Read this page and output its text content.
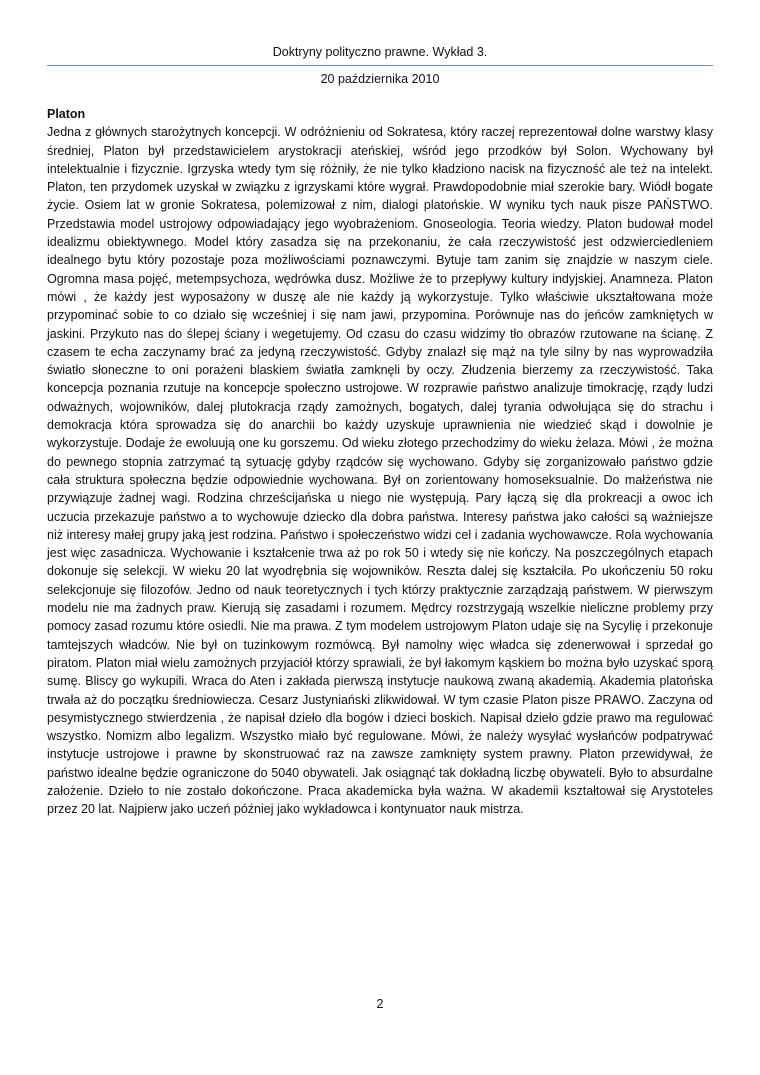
Doktryny polityczno prawne. Wykład 3.
20 października 2010

Platon

Jedna z głównych starożytnych koncepcji. W odróżnieniu od Sokratesa, który raczej reprezentował dolne warstwy klasy średniej, Platon był przedstawicielem arystokracji ateńskiej, wśród jego przodków był Solon. Wychowany był intelektualnie i fizycznie. Igrzyska wtedy tym się różniły, że nie tylko kładziono nacisk na fizyczność ale też na intelekt. Platon, ten przydomek uzyskał w związku z igrzyskami które wygrał. Prawdopodobnie miał szerokie bary. Wiódł bogate życie. Osiem lat w gronie Sokratesa, polemizował z nim, dialogi platońskie. W wyniku tych nauk pisze PAŃSTWO. Przedstawia model ustrojowy odpowiadający jego wyobrażeniom. Gnoseologia. Teoria wiedzy. Platon budował model idealizmu obiektywnego. Model który zasadza się na przekonaniu, że cała rzeczywistość jest odzwierciedleniem idealnego bytu który pozostaje poza możliwościami poznawczymi. Bytuje tam zanim się znajdzie w naszym ciele. Ogromna masa pojęć, metempsychoza, wędrówka dusz. Możliwe że to przepływy kultury indyjskiej. Anamneza. Platon mówi , że każdy jest wyposażony w duszę ale nie każdy ją wykorzystuje. Tylko właściwie ukształtowana może przypominać sobie to co działo się wcześniej i się nam jawi, przypomina. Porównuje nas do jeńców zamkniętych w jaskini. Przykuto nas do ślepej ściany i wegetujemy. Od czasu do czasu widzimy tło obrazów rzutowane na ścianę. Z czasem te echa zaczynamy brać za jedyną rzeczywistość. Gdyby znalazł się mąż na tyle silny by nas wyprowadziła światło słoneczne to oni porażeni blaskiem światła zamknęli by oczy. Złudzenia bierzemy za rzeczywistość. Taka koncepcja poznania rzutuje na koncepcje społeczno ustrojowe. W rozprawie państwo analizuje timokrację, rządy ludzi odważnych, wojowników, dalej plutokracja rządy zamożnych, bogatych, dalej tyrania odwołująca się do strachu i demokracja która sprowadza się do anarchii bo każdy uzyskuje uprawnienia nie wiedzieć skąd i dowolnie je wykorzystuje. Dodaje że ewoluują one ku gorszemu. Od wieku złotego przechodzimy do wieku żelaza. Mówi , że można do pewnego stopnia zatrzymać tą sytuację gdyby rządców się wychowano. Gdyby się zorganizowało państwo gdzie cała struktura społeczna będzie odpowiednie wychowana. Był on zorientowany homoseksualnie. Do małżeństwa nie przywiązuje żadnej wagi. Rodzina chrześcijańska u niego nie występują. Pary łączą się dla prokreacji a owoc ich uczucia przekazuje państwo a to wychowuje dziecko dla dobra państwa. Interesy państwa jako całości są ważniejsze niż interesy małej grupy jaką jest rodzina. Państwo i społeczeństwo widzi cel i zadania wychowawcze. Rola wychowania jest więc zasadnicza. Wychowanie i kształcenie trwa aż po rok 50 i wtedy się nie kończy. Na poszczególnych etapach dokonuje się selekcji. W wieku 20 lat wyodrębnia się wojowników. Reszta dalej się kształciła. Po ukończeniu 50 roku selekcjonuje się filozofów. Jedno od nauk teoretycznych i tych którzy praktycznie zarządzają państwem. W pierwszym modelu nie ma żadnych praw. Kierują się zasadami i rozumem. Mędrcy rozstrzygają wszelkie nieliczne problemy przy pomocy zasad rozumu które osiedli. Nie ma prawa. Z tym modelem ustrojowym Platon udaje się na Sycylię i przekonuje tamtejszych władców. Nie był on tuzinkowym rozmówcą. Był namolny więc władca się zdenerwował i sprzedał go piratom. Platon miał wielu zamożnych przyjaciół którzy sprawiali, że był łakomym kąskiem bo można było uzyskać sporą sumę. Bliscy go wykupili. Wraca do Aten i zakłada pierwszą instytucje naukową zwaną akademią. Akademia platońska trwała aż do początku średniowiecza. Cesarz Justyniański zlikwidował. W tym czasie Platon pisze PRAWO. Zaczyna od pesymistycznego stwierdzenia , że napisał dzieło dla bogów i dzieci boskich. Napisał dzieło gdzie prawo ma regulować wszystko. Nomizm albo legalizm. Wszystko miało być regulowane. Mówi, że należy wysyłać wysłańców podpatrywać instytucje ustrojowe i prawne by skonstruować raz na zawsze zamknięty system prawny. Platon przewidywał, że państwo idealne będzie ograniczone do 5040 obywateli. Jak osiągnąć tak dokładną liczbę obywateli. Było to absurdalne założenie. Dzieło to nie zostało dokończone. Praca akademicka była ważna. W akademii kształtował się Arystoteles przez 20 lat. Najpierw jako uczeń później jako wykładowca i kontynuator nauk mistrza.

2
